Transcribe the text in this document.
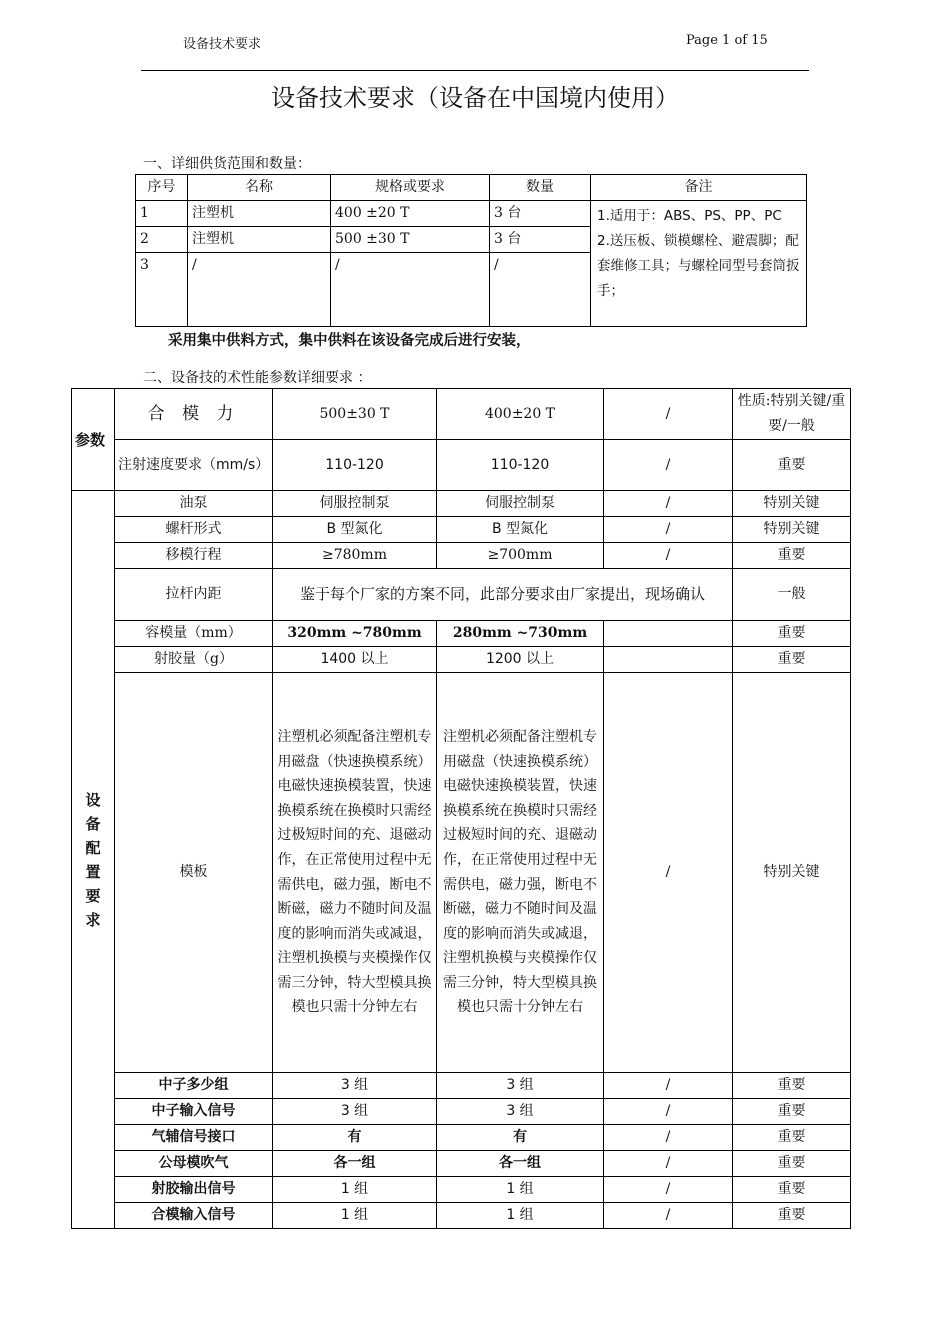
设备技术要求	Page 1 of 15
设备技术要求（设备在中国境内使用）
一、详细供货范围和数量：
序号	名称	规格或要求	数量	备注
1	注塑机	400 ±20 T	3 台	1.适用于：ABS、PS、PP、PC
2.送压板、锁模螺栓、避震脚；配套维修工具；与螺栓同型号套筒扳手；

2	注塑机	500 ±30 T	3 台	
3	/	/	/	
采用集中供料方式，集中供料在该设备完成后进行安装，
二、设备技的术性能参数详细要求 ：
参数	合 模 力	500±30 T	400±20 T	/	性质:特别关键/重要/一般
	注射速度要求（mm/s）	110-120	110-120	/	重要

设备配置要求	油泵	伺服控制泵	伺服控制泵	/	特别关键
	螺杆形式	B 型氮化	B 型氮化	/	特别关键
	移模行程	≥780mm	≥700mm	/	重要
	拉杆内距	鉴于每个厂家的方案不同，此部分要求由厂家提出，现场确认			一般
	容模量（mm）	320mm ~780mm	280mm ~730mm		重要
	射胶量（g）	1400 以上	1200 以上		重要
	模板	注塑机必须配备注塑机专用磁盘（快速换模系统）电磁快速换模装置，快速换模系统在换模时只需经过极短时间的充、退磁动作，在正常使用过程中无需供电，磁力强，断电不断磁，磁力不随时间及温度的影响而消失或减退，注塑机换模与夹模操作仅需三分钟，特大型模具换模也只需十分钟左右	注塑机必须配备注塑机专用磁盘（快速换模系统）电磁快速换模装置，快速换模系统在换模时只需经过极短时间的充、退磁动作，在正常使用过程中无需供电，磁力强，断电不断磁，磁力不随时间及温度的影响而消失或减退，注塑机换模与夹模操作仅需三分钟，特大型模具换模也只需十分钟左右	/	特别关键
	中子多少组	3 组	3 组	/	重要
	中子输入信号	3 组	3 组	/	重要
	气辅信号接口	有	有	/	重要
	公母模吹气	各一组	各一组	/	重要
	射胶输出信号	1 组	1 组	/	重要
	合模输入信号	1 组	1 组	/	重要
